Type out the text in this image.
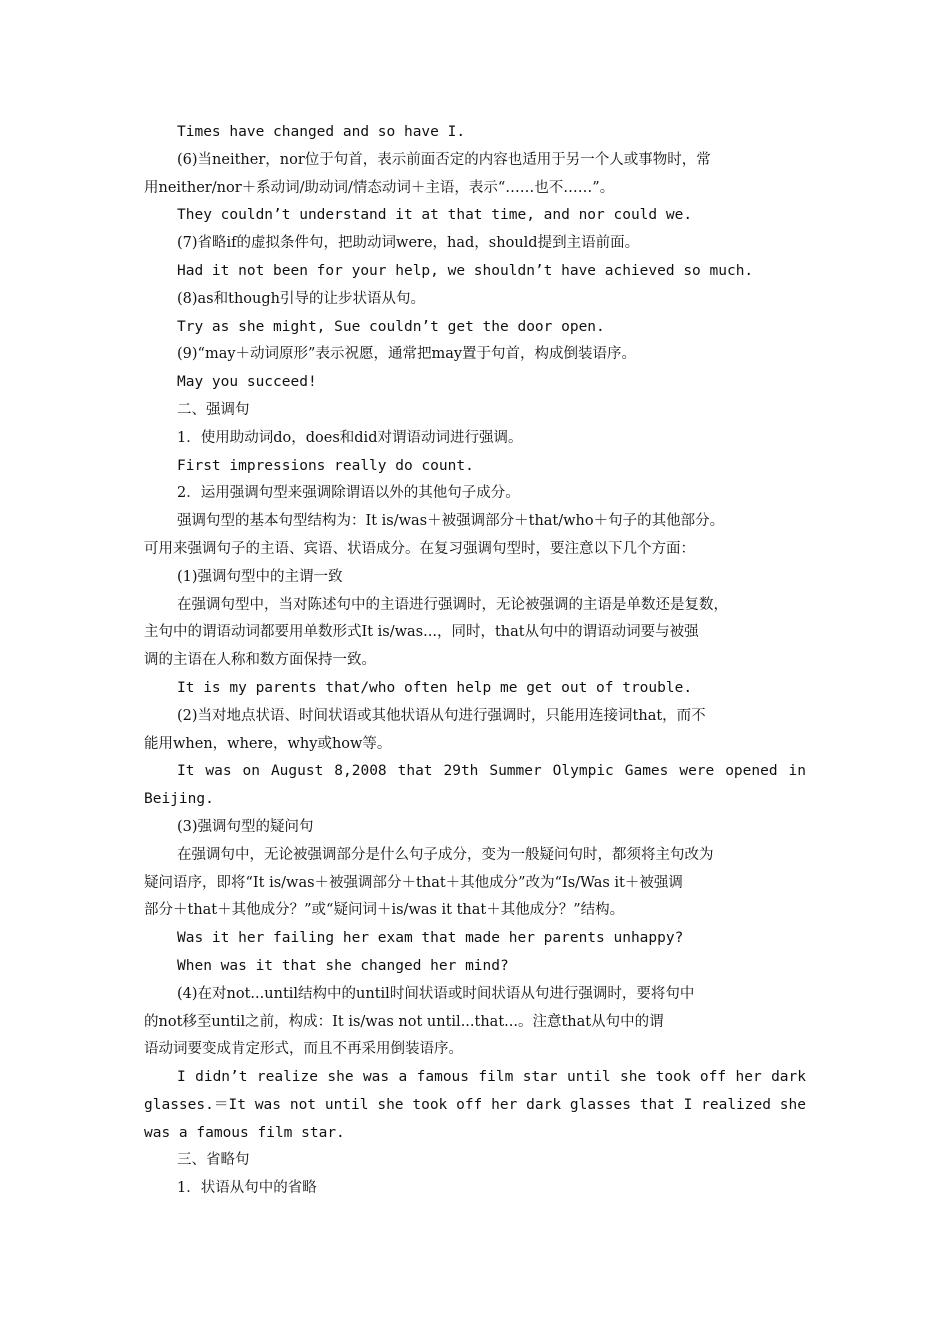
Times have changed and so have I.

(6)当neither，nor位于句首，表示前面否定的内容也适用于另一个人或事物时，常

用neither/nor＋系动词/助动词/情态动词＋主语，表示“……也不……”。

They couldn’t understand it at that time, and nor could we.

(7)省略if的虚拟条件句，把助动词were，had，should提到主语前面。

Had it not been for your help, we shouldn’t have achieved so much.

(8)as和though引导的让步状语从句。

Try as she might, Sue couldn’t get the door open.

(9)“may＋动词原形”表示祝愿，通常把may置于句首，构成倒装语序。

May you succeed!

二、强调句

1．使用助动词do，does和did对谓语动词进行强调。

First impressions really do count.

2．运用强调句型来强调除谓语以外的其他句子成分。

强调句型的基本句型结构为：It is/was＋被强调部分＋that/who＋句子的其他部分。

可用来强调句子的主语、宾语、状语成分。在复习强调句型时，要注意以下几个方面：

(1)强调句型中的主谓一致

在强调句型中，当对陈述句中的主语进行强调时，无论被强调的主语是单数还是复数，

主句中的谓语动词都要用单数形式It is/was...，同时，that从句中的谓语动词要与被强

调的主语在人称和数方面保持一致。

It is my parents that/who often help me get out of trouble.

(2)当对地点状语、时间状语或其他状语从句进行强调时，只能用连接词that，而不

能用when，where，why或how等。

It was on August 8,2008 that 29th Summer Olympic Games were opened in

Beijing.

(3)强调句型的疑问句

在强调句中，无论被强调部分是什么句子成分，变为一般疑问句时，都须将主句改为

疑问语序，即将“It is/was＋被强调部分＋that＋其他成分”改为“Is/Was it＋被强调

部分＋that＋其他成分？”或“疑问词＋is/was it that＋其他成分？”结构。

Was it her failing her exam that made her parents unhappy?

When was it that she changed her mind?

(4)在对not...until结构中的until时间状语或时间状语从句进行强调时，要将句中

的not移至until之前，构成：It is/was not until...that...。注意that从句中的谓

语动词要变成肯定形式，而且不再采用倒装语序。

I didn’t realize she was a famous film star until she took off her dark

glasses.＝It was not until she took off her dark glasses that I realized she

was a famous film star.

三、省略句

1．状语从句中的省略
